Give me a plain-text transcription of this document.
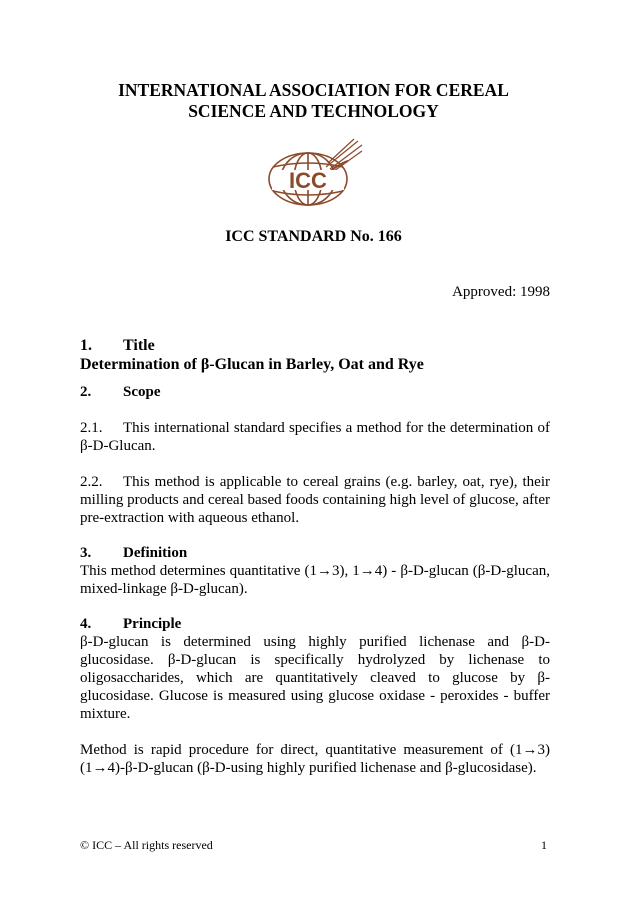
INTERNATIONAL ASSOCIATION FOR CEREAL
SCIENCE AND TECHNOLOGY
ICC
ICC STANDARD No. 166
Approved: 1998
1. Title
Determination of β-Glucan in Barley, Oat and Rye
2. Scope

2.1. This international standard specifies a method for the determination of β-D-Glucan.

2.2. This method is applicable to cereal grains (e.g. barley, oat, rye), their milling products and cereal based foods containing high level of glucose, after pre-extraction with aqueous ethanol.

3. Definition

This method determines quantitative (1→3), 1→4) - β-D-glucan (β-D-glucan, mixed-linkage β-D-glucan).

4. Principle

β-D-glucan is determined using highly purified lichenase and β-D-glucosidase. β-D-glucan is specifically hydrolyzed by lichenase to oligosaccharides, which are quantitatively cleaved to glucose by β-glucosidase. Glucose is measured using glucose oxidase - peroxides - buffer mixture.

Method is rapid procedure for direct, quantitative measurement of (1→3) (1→4)-β-D-glucan (β-D-using highly purified lichenase and β-glucosidase).

© ICC – All rights reserved	1
